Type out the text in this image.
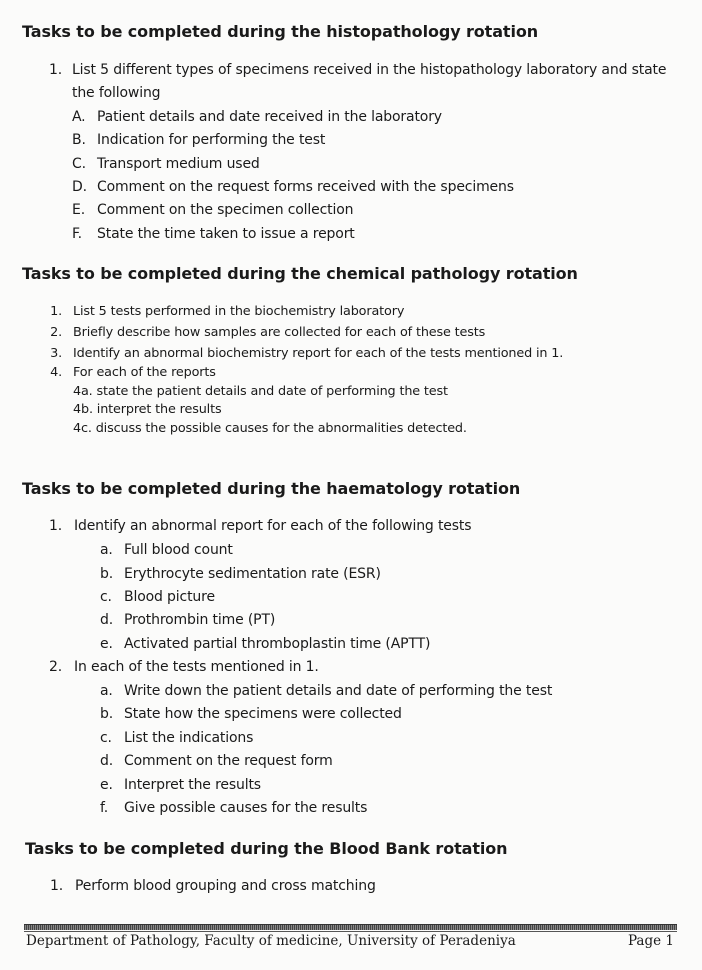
Tasks to be completed during the histopathology rotation
1. List 5 different types of specimens received in the histopathology laboratory and state
the following
A. Patient details and date received in the laboratory
B. Indication for performing the test
C. Transport medium used
D. Comment on the request forms received with the specimens
E. Comment on the specimen collection
F. State the time taken to issue a report
Tasks to be completed during the chemical pathology rotation
1. List 5 tests performed in the biochemistry laboratory
2. Briefly describe how samples are collected for each of these tests
3. Identify an abnormal biochemistry report for each of the tests mentioned in 1.
4. For each of the reports
4a. state the patient details and date of performing the test
4b. interpret the results
4c. discuss the possible causes for the abnormalities detected.
Tasks to be completed during the haematology rotation
1. Identify an abnormal report for each of the following tests
a. Full blood count
b. Erythrocyte sedimentation rate (ESR)
c. Blood picture
d. Prothrombin time (PT)
e. Activated partial thromboplastin time (APTT)
2. In each of the tests mentioned in 1.
a. Write down the patient details and date of performing the test
b. State how the specimens were collected
c. List the indications
d. Comment on the request form
e. Interpret the results
f. Give possible causes for the results
Tasks to be completed during the Blood Bank rotation
1. Perform blood grouping and cross matching
Department of Pathology, Faculty of medicine, University of Peradeniya	Page 1
